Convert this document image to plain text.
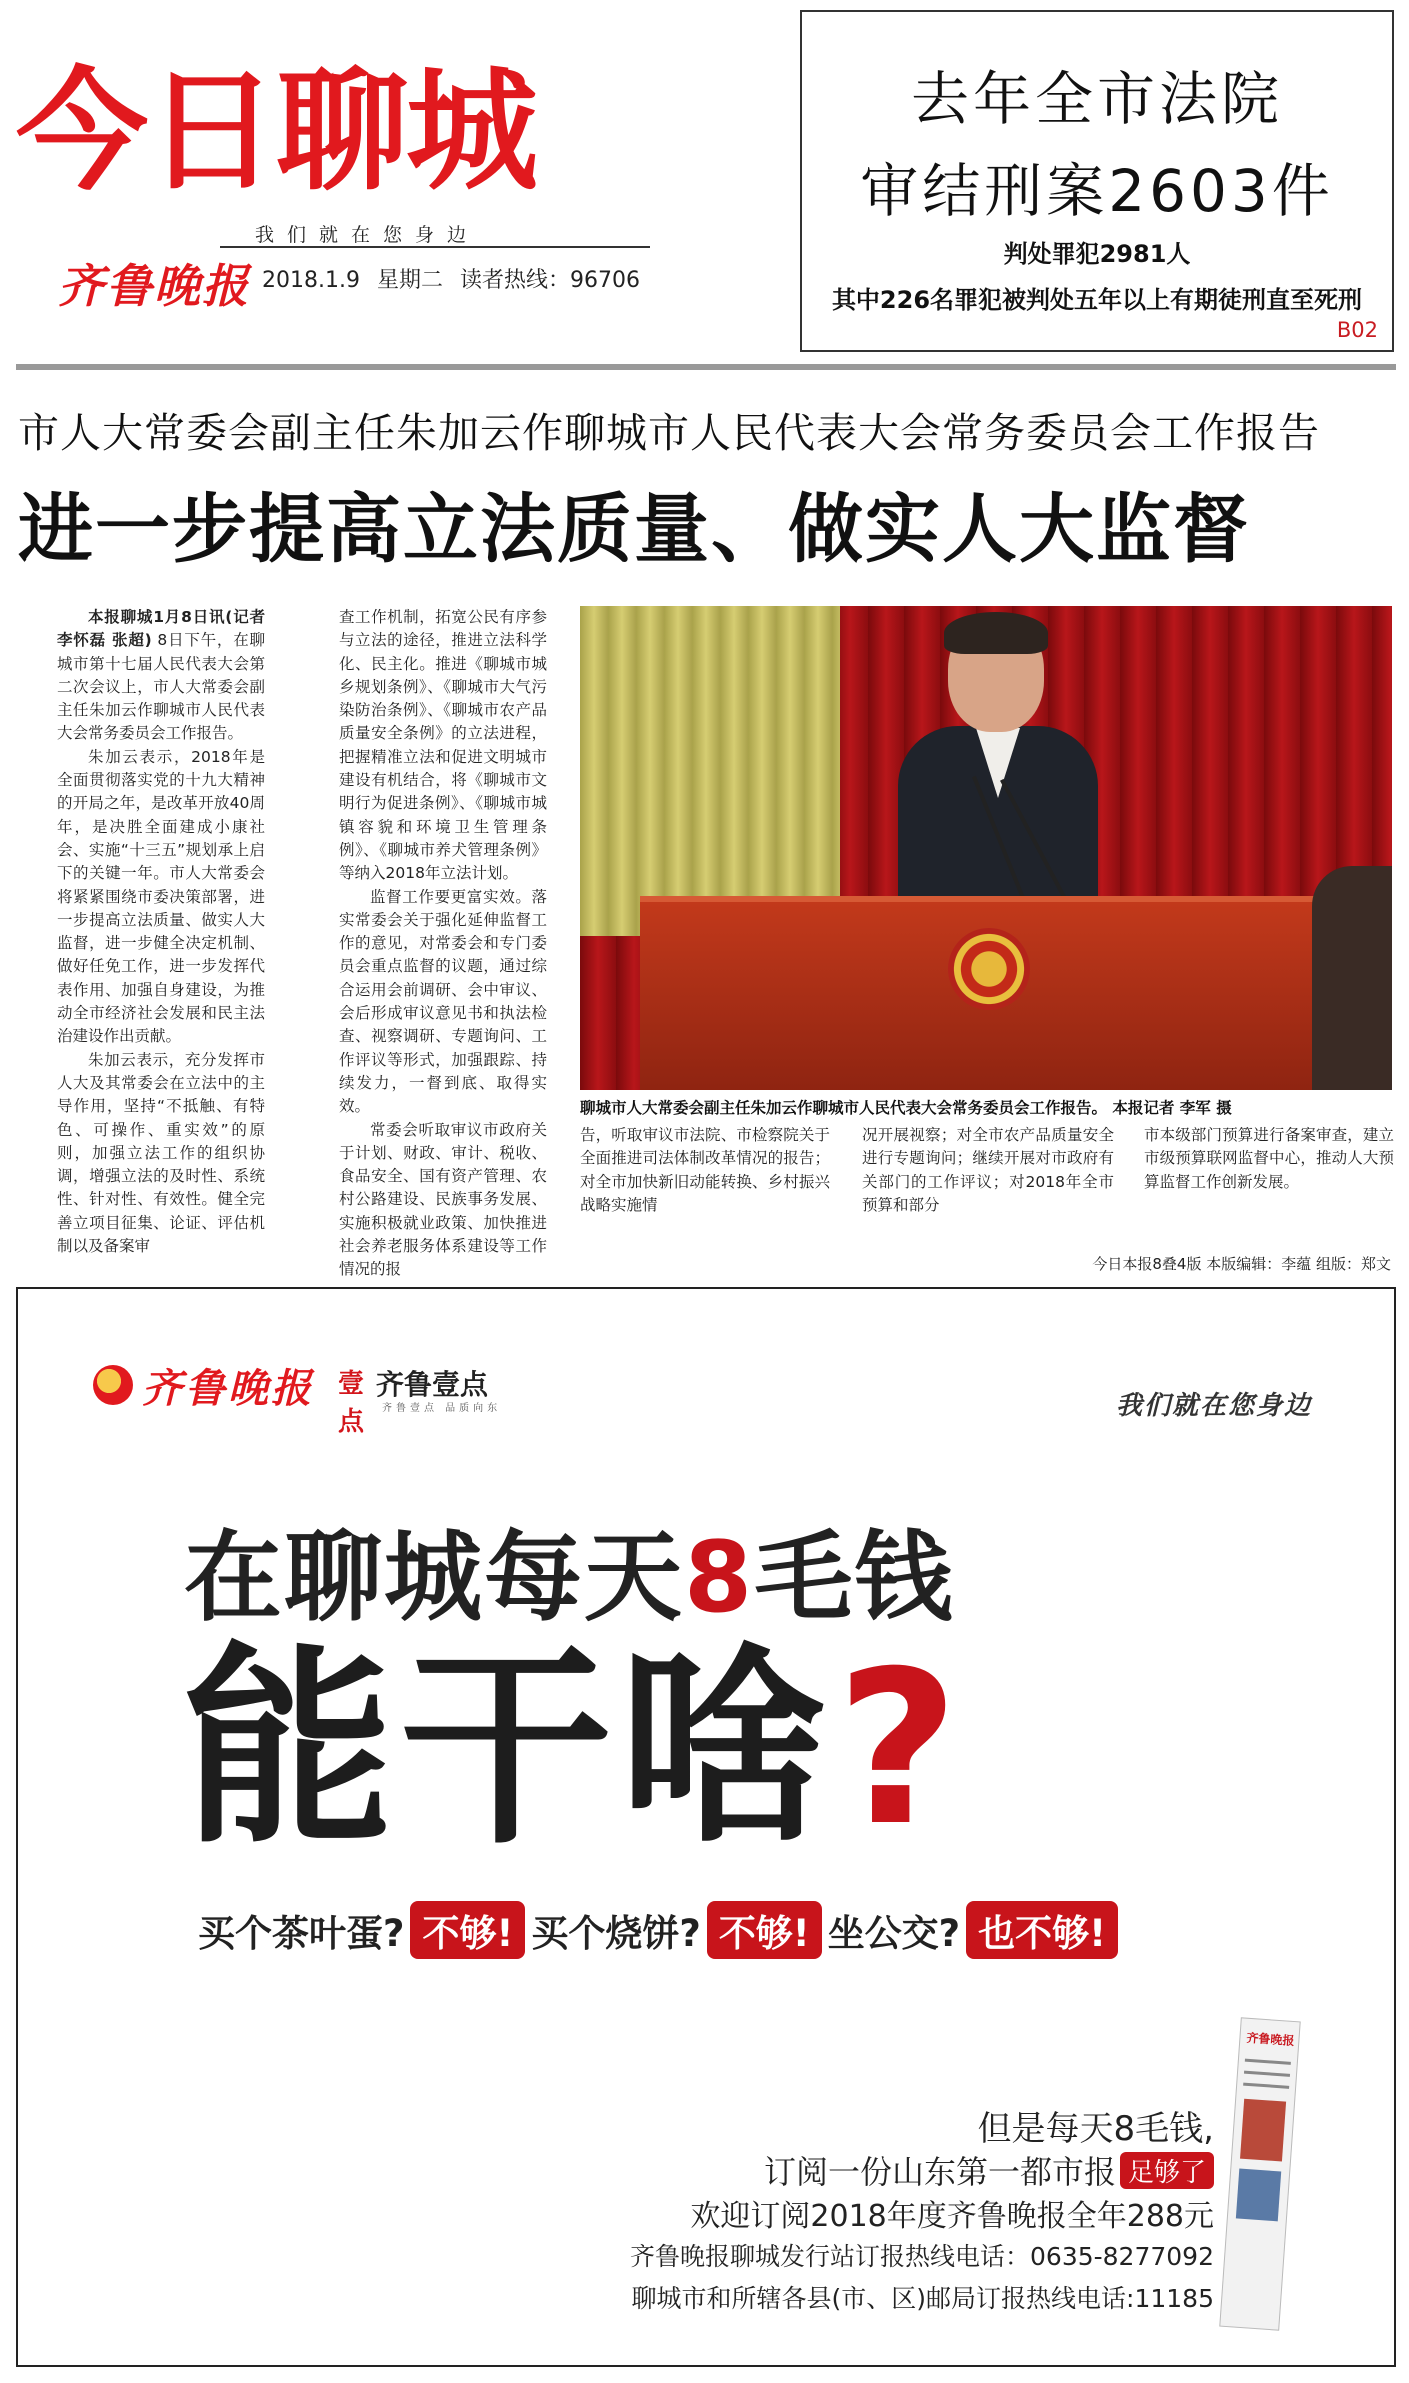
今日聊城
我们就在您身边
齐鲁晚报 2018.1.9 星期二 读者热线：96706
去年全市法院
审结刑案2603件
判处罪犯2981人
其中226名罪犯被判处五年以上有期徒刑直至死刑
B02
市人大常委会副主任朱加云作聊城市人民代表大会常务委员会工作报告
进一步提高立法质量、做实人大监督

本报聊城1月8日讯(记者 李怀磊 张超) 8日下午，在聊城市第十七届人民代表大会第二次会议上，市人大常委会副主任朱加云作聊城市人民代表大会常务委员会工作报告。

朱加云表示，2018年是全面贯彻落实党的十九大精神的开局之年，是改革开放40周年，是决胜全面建成小康社会、实施“十三五”规划承上启下的关键一年。市人大常委会将紧紧围绕市委决策部署，进一步提高立法质量、做实人大监督，进一步健全决定机制、做好任免工作，进一步发挥代表作用、加强自身建设，为推动全市经济社会发展和民主法治建设作出贡献。

朱加云表示，充分发挥市人大及其常委会在立法中的主导作用，坚持“不抵触、有特色、可操作、重实效”的原则，加强立法工作的组织协调，增强立法的及时性、系统性、针对性、有效性。健全完善立项目征集、论证、评估机制以及备案审

查工作机制，拓宽公民有序参与立法的途径，推进立法科学化、民主化。推进《聊城市城乡规划条例》、《聊城市大气污染防治条例》、《聊城市农产品质量安全条例》的立法进程，把握精准立法和促进文明城市建设有机结合，将《聊城市文明行为促进条例》、《聊城市城镇容貌和环境卫生管理条例》、《聊城市养犬管理条例》等纳入2018年立法计划。

监督工作要更富实效。落实常委会关于强化延伸监督工作的意见，对常委会和专门委员会重点监督的议题，通过综合运用会前调研、会中审议、会后形成审议意见书和执法检查、视察调研、专题询问、工作评议等形式，加强跟踪、持续发力，一督到底、取得实效。

常委会听取审议市政府关于计划、财政、审计、税收、食品安全、国有资产管理、农村公路建设、民族事务发展、实施积极就业政策、加快推进社会养老服务体系建设等工作情况的报

聊城市人大常委会副主任朱加云作聊城市人民代表大会常务委员会工作报告。 本报记者 李军 摄
告，听取审议市法院、市检察院关于全面推进司法体制改革情况的报告；对全市加快新旧动能转换、乡村振兴战略实施情
况开展视察；对全市农产品质量安全进行专题询问；继续开展对市政府有关部门的工作评议；对2018年全市预算和部分
市本级部门预算进行备案审查，建立市级预算联网监督中心，推动人大预算监督工作创新发展。
今日本报8叠4版 本版编辑：李蕴 组版：郑文
齐鲁晚报 壹点
齐鲁壹点
齐鲁壹点 品质向东	我们就在您身边
在聊城每天8毛钱
能干啥?
买个茶叶蛋? 不够! 买个烧饼? 不够! 坐公交? 也不够!
但是每天8毛钱,
订阅一份山东第一都市报 足够了
欢迎订阅2018年度齐鲁晚报全年288元
齐鲁晚报聊城发行站订报热线电话：0635-8277092
聊城市和所辖各县(市、区)邮局订报热线电话:11185
齐鲁晚报
